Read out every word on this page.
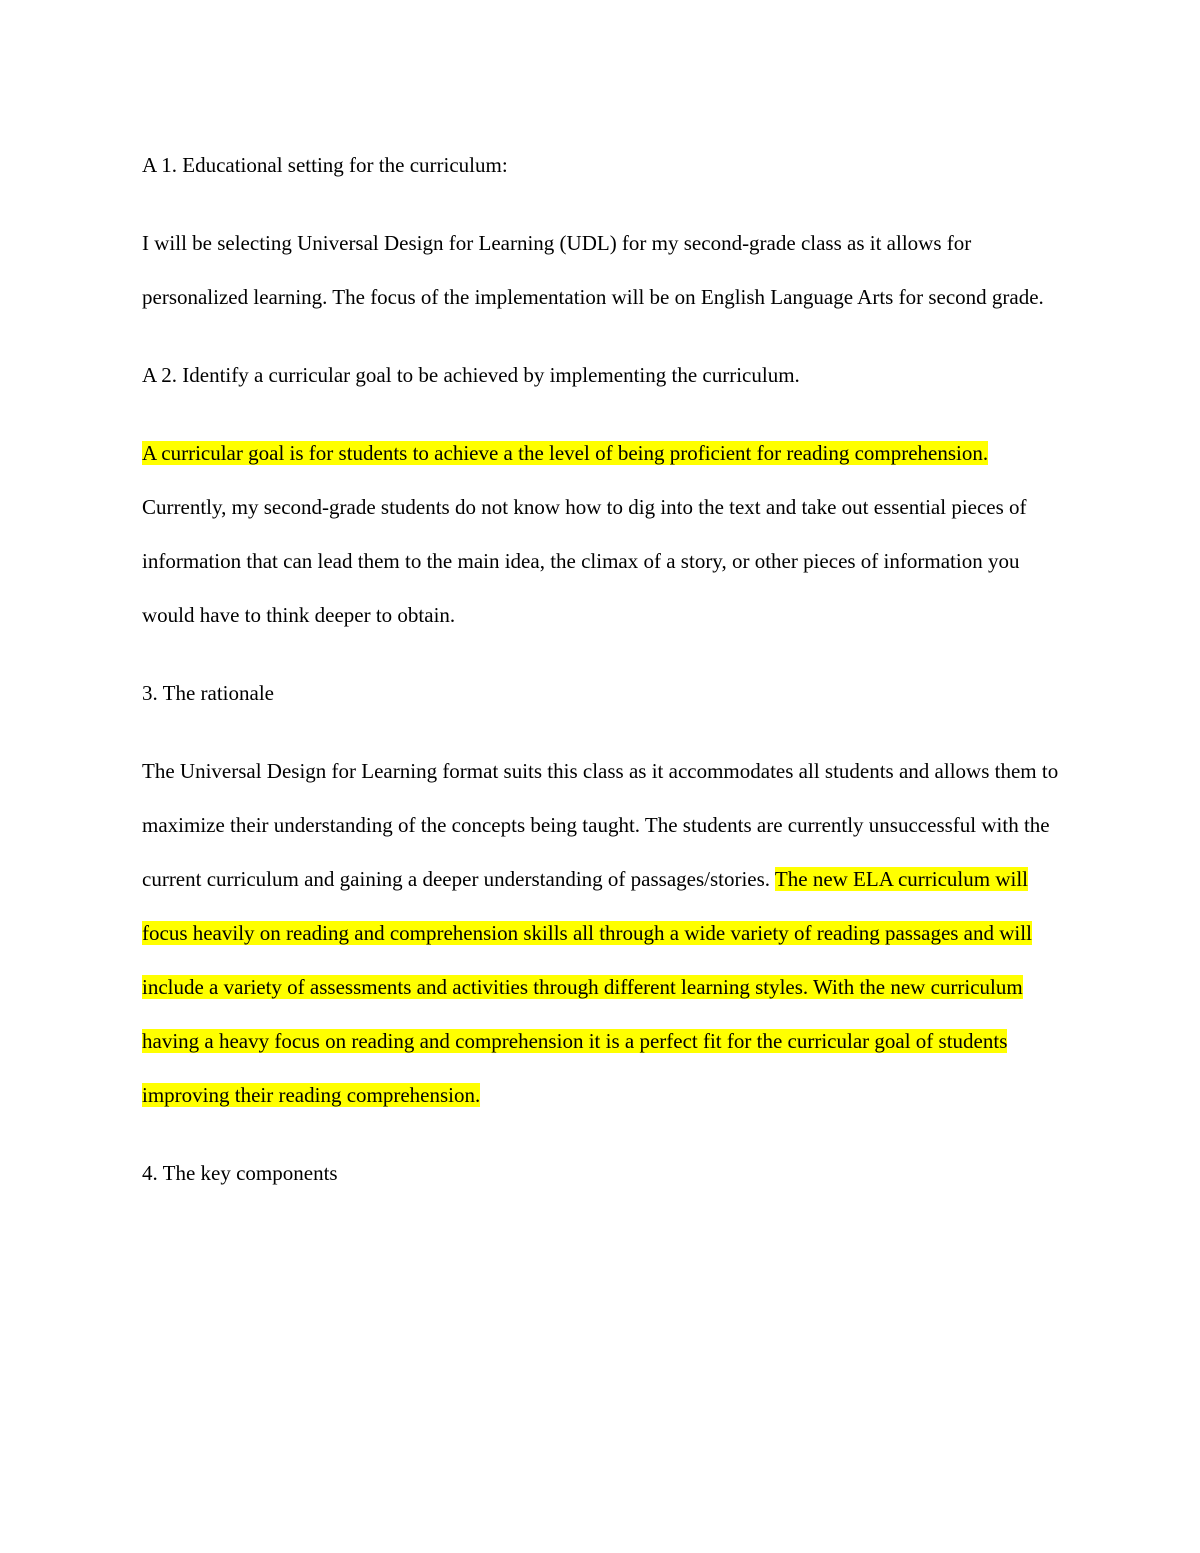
A 1. Educational setting for the curriculum:

I will be selecting Universal Design for Learning (UDL) for my second-grade class as it allows for personalized learning. The focus of the implementation will be on English Language Arts for second grade.

A 2. Identify a curricular goal to be achieved by implementing the curriculum.

A curricular goal is for students to achieve a the level of being proficient for reading comprehension. Currently, my second-grade students do not know how to dig into the text and take out essential pieces of information that can lead them to the main idea, the climax of a story, or other pieces of information you would have to think deeper to obtain.

3. The rationale

The Universal Design for Learning format suits this class as it accommodates all students and allows them to maximize their understanding of the concepts being taught. The students are currently unsuccessful with the current curriculum and gaining a deeper understanding of passages/stories. The new ELA curriculum will focus heavily on reading and comprehension skills all through a wide variety of reading passages and will include a variety of assessments and activities through different learning styles. With the new curriculum having a heavy focus on reading and comprehension it is a perfect fit for the curricular goal of students improving their reading comprehension.

4. The key components
